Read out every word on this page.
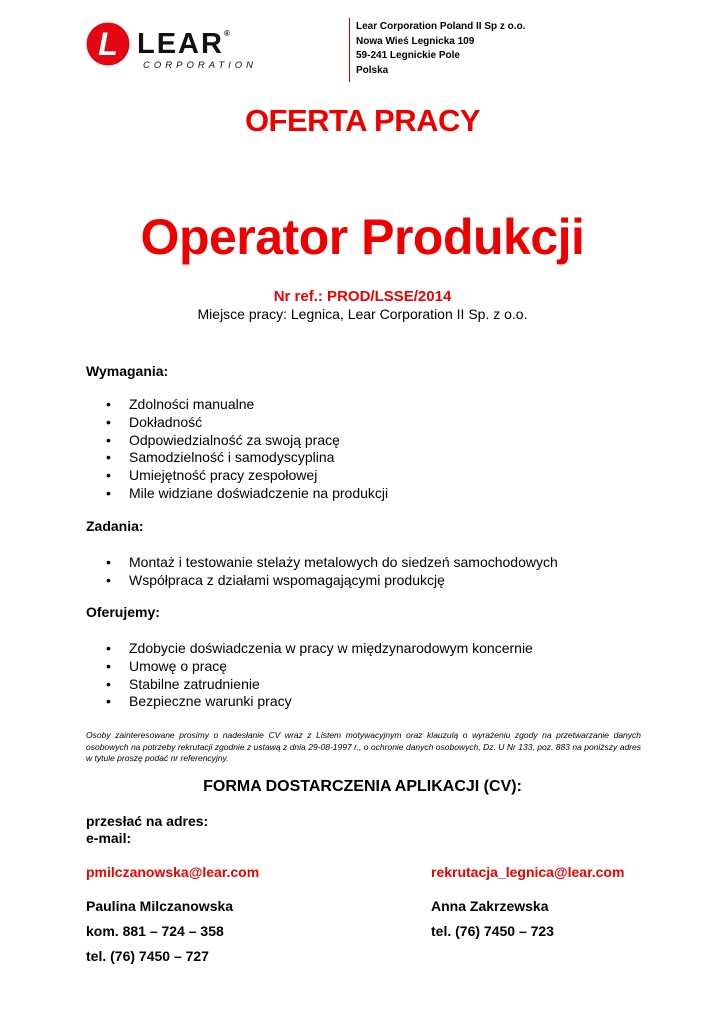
L LEAR®
CORPORATION
Lear Corporation Poland II Sp z o.o.
Nowa Wieś Legnicka 109
59-241 Legnickie Pole
Polska
OFERTA PRACY
Operator Produkcji
Nr ref.: PROD/LSSE/2014
Miejsce pracy: Legnica, Lear Corporation II Sp. z o.o.
Wymagania:
• Zdolności manualne
• Dokładność
• Odpowiedzialność za swoją pracę
• Samodzielność i samodyscyplina
• Umiejętność pracy zespołowej
• Mile widziane doświadczenie na produkcji
Zadania:
• Montaż i testowanie stelaży metalowych do siedzeń samochodowych
• Współpraca z działami wspomagającymi produkcję
Oferujemy:
• Zdobycie doświadczenia w pracy w międzynarodowym koncernie
• Umowę o pracę
• Stabilne zatrudnienie
• Bezpieczne warunki pracy
Osoby zainteresowane prosimy o nadesłanie CV wraz z Listem motywacyjnym oraz klauzulą o wyrażeniu zgody na przetwarzanie danych osobowych na potrzeby rekrutacji zgodnie z ustawą z dnia 29-08-1997 r., o ochronie danych osobowych, Dz. U Nr 133, poz. 883 na poniższy adres w tytule proszę podać nr referencyjny.
FORMA DOSTARCZENIA APLIKACJI (CV):
przesłać na adres:
e-mail:
pmilczanowska@lear.com
Paulina Milczanowska
kom. 881 – 724 – 358
tel. (76) 7450 – 727
rekrutacja_legnica@lear.com
Anna Zakrzewska
tel. (76) 7450 – 723
